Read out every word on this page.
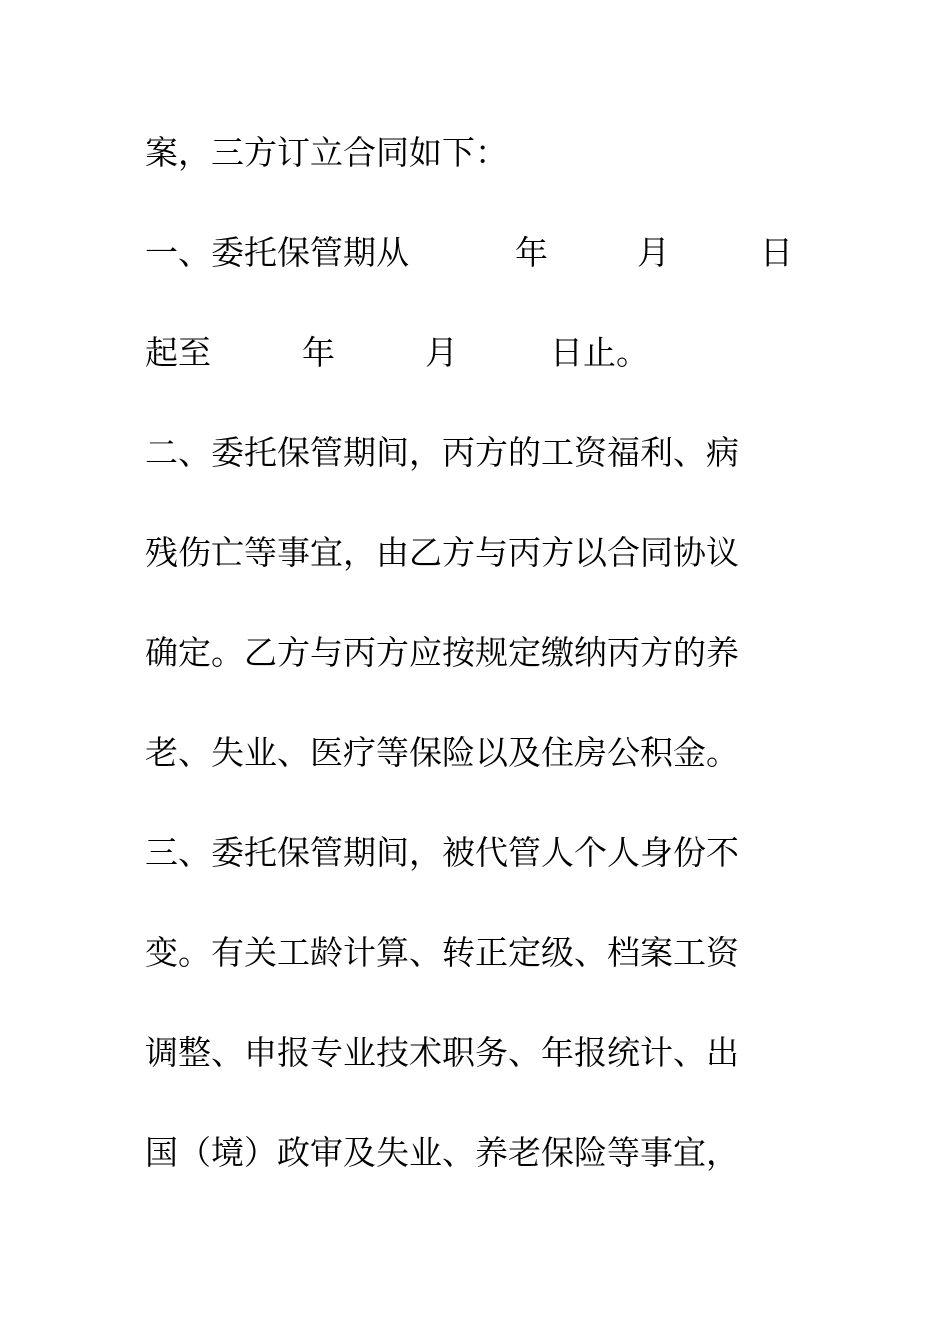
案，三方订立合同如下：
一、委托保管期从	年	月	日
起至	年	月	日止。
二、委托保管期间，丙方的工资福利、病
残伤亡等事宜，由乙方与丙方以合同协议
确定。乙方与丙方应按规定缴纳丙方的养
老、失业、医疗等保险以及住房公积金。
三、委托保管期间，被代管人个人身份不
变。有关工龄计算、转正定级、档案工资
调整、申报专业技术职务、年报统计、出
国（境）政审及失业、养老保险等事宜，
